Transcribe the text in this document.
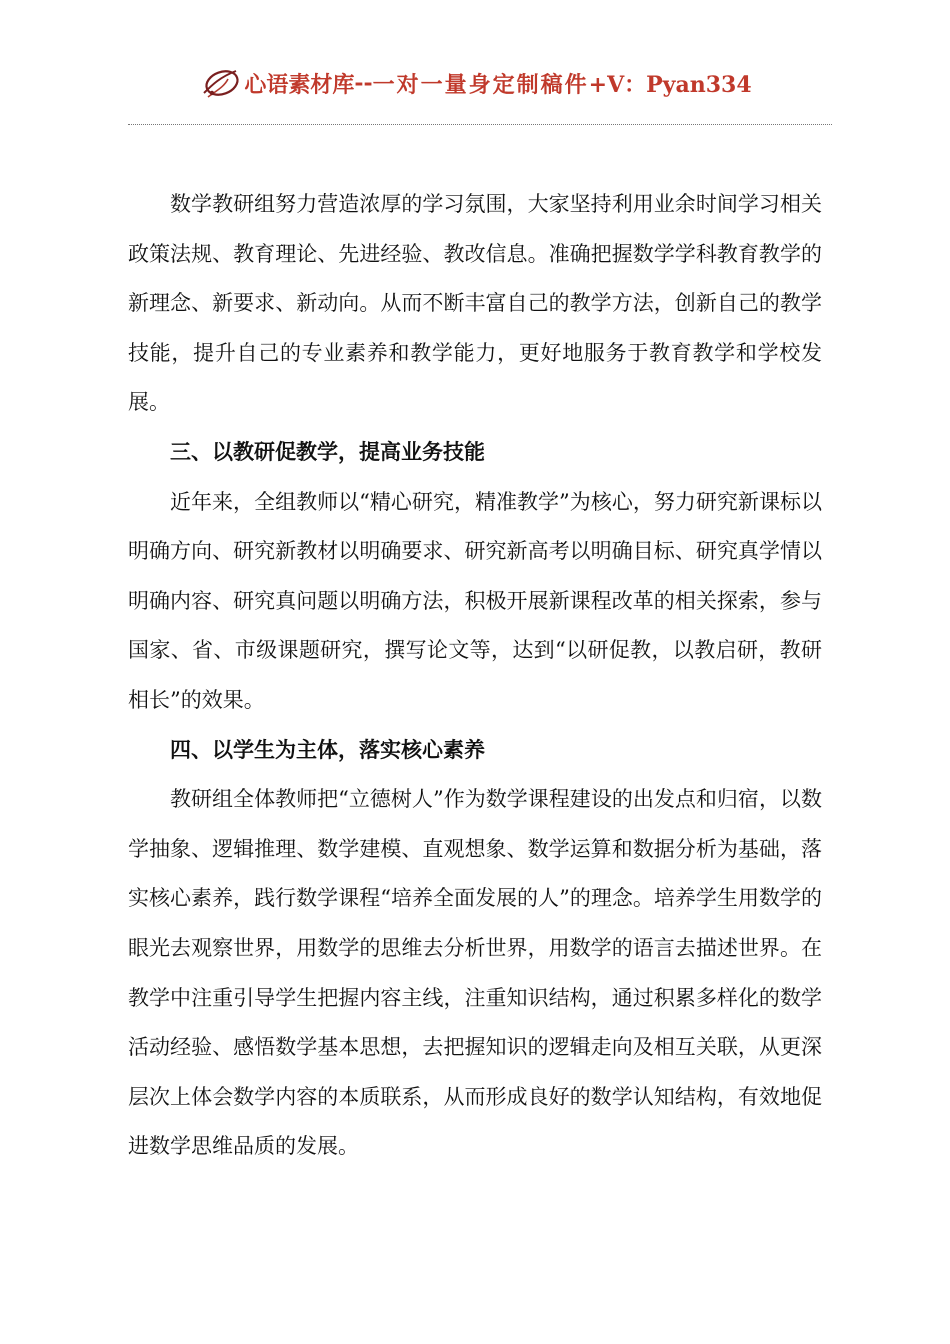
心语素材库 -- 一对一量身定制稿件 +V：Pyan334

数学教研组努力营造浓厚的学习氛围，大家坚持利用业余时间学习相关政策法规、教育理论、先进经验、教改信息。准确把握数学学科教育教学的新理念、新要求、新动向。从而不断丰富自己的教学方法，创新自己的教学技能，提升自己的专业素养和教学能力，更好地服务于教育教学和学校发展。

三、以教研促教学，提高业务技能

近年来，全组教师以“精心研究，精准教学”为核心，努力研究新课标以明确方向、研究新教材以明确要求、研究新高考以明确目标、研究真学情以明确内容、研究真问题以明确方法，积极开展新课程改革的相关探索，参与国家、省、市级课题研究，撰写论文等，达到“以研促教，以教启研，教研相长”的效果。

四、以学生为主体，落实核心素养

教研组全体教师把“立德树人”作为数学课程建设的出发点和归宿，以数学抽象、逻辑推理、数学建模、直观想象、数学运算和数据分析为基础，落实核心素养，践行数学课程“培养全面发展的人”的理念。培养学生用数学的眼光去观察世界，用数学的思维去分析世界，用数学的语言去描述世界。在教学中注重引导学生把握内容主线，注重知识结构，通过积累多样化的数学活动经验、感悟数学基本思想，去把握知识的逻辑走向及相互关联，从更深层次上体会数学内容的本质联系，从而形成良好的数学认知结构，有效地促进数学思维品质的发展。
